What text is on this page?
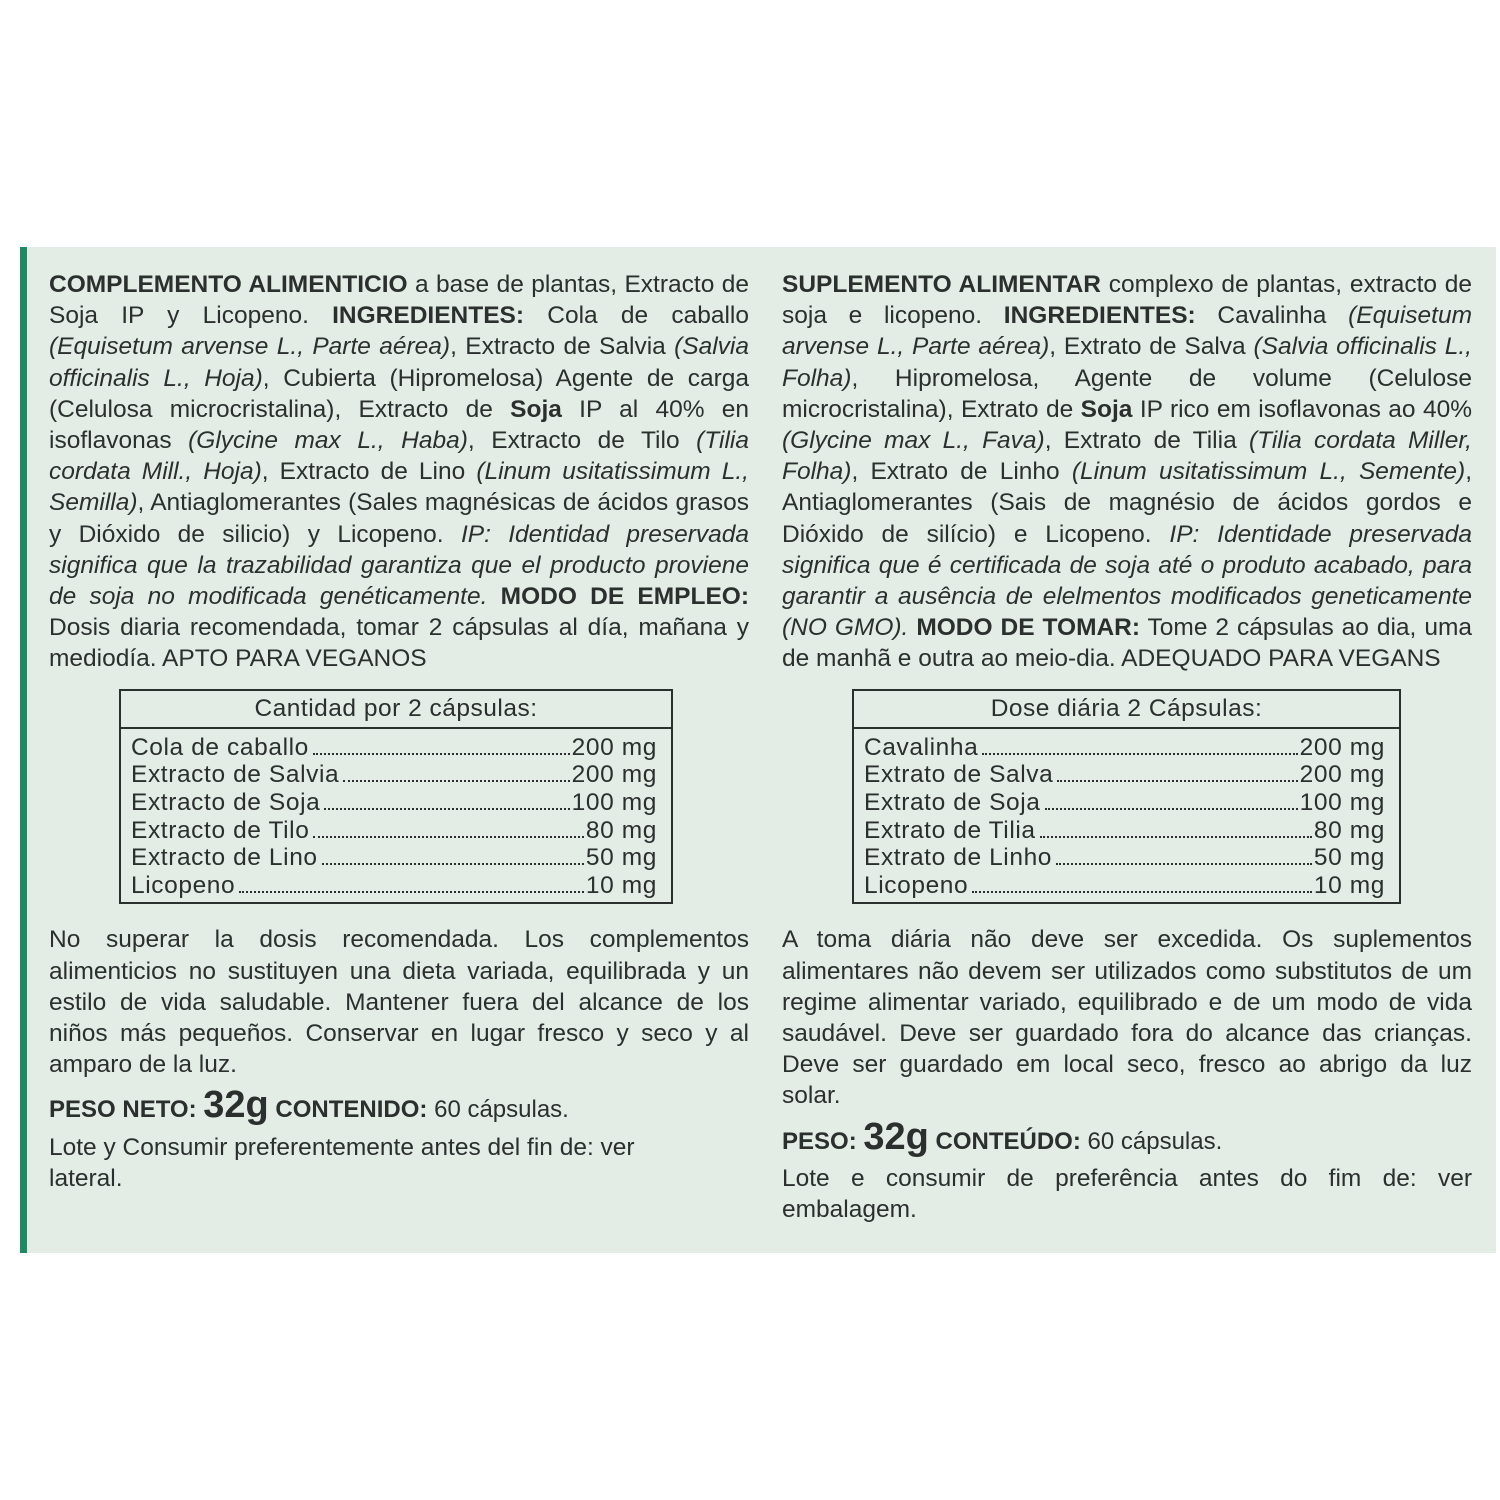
COMPLEMENTO ALIMENTICIO a base de plantas, Extracto de Soja IP y Licopeno. INGREDIENTES: Cola de caballo (Equisetum arvense L., Parte aérea), Extracto de Salvia (Salvia officinalis L., Hoja), Cubierta (Hipromelosa) Agente de carga (Celulosa microcristalina), Extracto de Soja IP al 40% en isoflavonas (Glycine max L., Haba), Extracto de Tilo (Tilia cordata Mill., Hoja), Extracto de Lino (Linum usitatissimum L., Semilla), Antiaglomerantes (Sales magnésicas de ácidos grasos y Dióxido de silicio) y Licopeno. IP: Identidad preservada significa que la trazabilidad garantiza que el producto proviene de soja no modificada genéticamente. MODO DE EMPLEO: Dosis diaria recomendada, tomar 2 cápsulas al día, mañana y mediodía. APTO PARA VEGANOS

Cantidad por 2 cápsulas:
Cola de caballo	200 mg
Extracto de Salvia	200 mg
Extracto de Soja	100 mg
Extracto de Tilo	80 mg
Extracto de Lino	50 mg
Licopeno	10 mg

No superar la dosis recomendada. Los complementos alimenticios no sustituyen una dieta variada, equilibrada y un estilo de vida saludable. Mantener fuera del alcance de los niños más pequeños. Conservar en lugar fresco y seco y al amparo de la luz.

PESO NETO: 32g CONTENIDO: 60 cápsulas.

Lote y Consumir preferentemente antes del fin de: ver lateral.

SUPLEMENTO ALIMENTAR complexo de plantas, extracto de soja e licopeno. INGREDIENTES: Cavalinha (Equisetum arvense L., Parte aérea), Extrato de Salva (Salvia officinalis L., Folha), Hipromelosa, Agente de volume (Celulose microcristalina), Extrato de Soja IP rico em isoflavonas ao 40% (Glycine max L., Fava), Extrato de Tilia (Tilia cordata Miller, Folha), Extrato de Linho (Linum usitatissimum L., Semente), Antiaglomerantes (Sais de magnésio de ácidos gordos e Dióxido de silício) e Licopeno. IP: Identidade preservada significa que é certificada de soja até o produto acabado, para garantir a ausência de elelmentos modificados geneticamente (NO GMO). MODO DE TOMAR: Tome 2 cápsulas ao dia, uma de manhã e outra ao meio-dia. ADEQUADO PARA VEGANS

Dose diária 2 Cápsulas:
Cavalinha	200 mg
Extrato de Salva	200 mg
Extrato de Soja	100 mg
Extrato de Tilia	80 mg
Extrato de Linho	50 mg
Licopeno	10 mg

A toma diária não deve ser excedida. Os suplementos alimentares não devem ser utilizados como substitutos de um regime alimentar variado, equilibrado e de um modo de vida saudável. Deve ser guardado fora do alcance das crianças. Deve ser guardado em local seco, fresco ao abrigo da luz solar.

PESO: 32g CONTEÚDO: 60 cápsulas.

Lote e consumir de preferência antes do fim de: ver embalagem.
